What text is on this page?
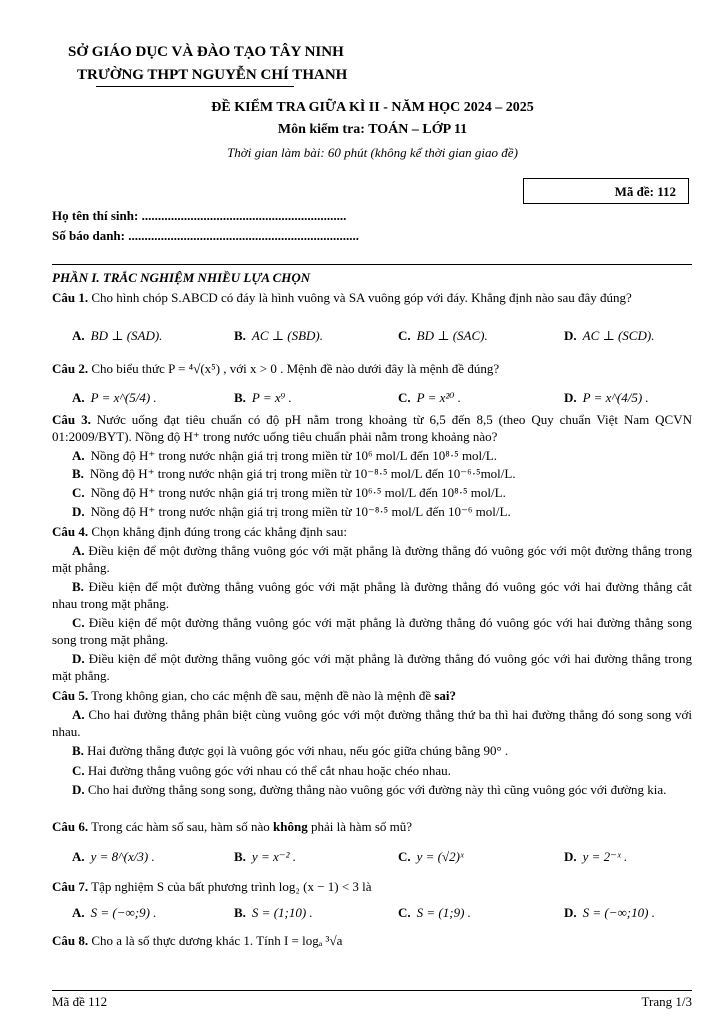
SỞ GIÁO DỤC VÀ ĐÀO TẠO TÂY NINH
TRƯỜNG THPT NGUYỄN CHÍ THANH
ĐỀ KIỂM TRA GIỮA KÌ II - NĂM HỌC 2024 – 2025
Môn kiểm tra: TOÁN – LỚP 11
Thời gian làm bài: 60 phút (không kể thời gian giao đề)
Mã đề: 112
Họ tên thí sinh: ...............................................................
Số báo danh: .......................................................................
PHẦN I. TRẮC NGHIỆM NHIỀU LỰA CHỌN
Câu 1. Cho hình chóp S.ABCD có đáy là hình vuông và SA vuông góp với đáy. Khẳng định nào sau đây đúng?
A. BD ⊥ (SAD).	B. AC ⊥ (SBD).	C. BD ⊥ (SAC).	D. AC ⊥ (SCD).
Câu 2. Cho biểu thức P = ⁴√(x⁵) , với x > 0 . Mệnh đề nào dưới đây là mệnh đề đúng?
A. P = x^(5/4) .	B. P = x⁹ .	C. P = x²⁰ .	D. P = x^(4/5) .
Câu 3. Nước uống đạt tiêu chuẩn có độ pH nằm trong khoảng từ 6,5 đến 8,5 (theo Quy chuẩn Việt Nam QCVN 01:2009/BYT). Nồng độ H⁺ trong nước uống tiêu chuẩn phải nằm trong khoảng nào?
A. Nồng độ H⁺ trong nước nhận giá trị trong miền từ 10⁶ mol/L đến 10⁸·⁵ mol/L.
B. Nồng độ H⁺ trong nước nhận giá trị trong miền từ 10⁻⁸·⁵ mol/L đến 10⁻⁶·⁵mol/L.
C. Nồng độ H⁺ trong nước nhận giá trị trong miền từ 10⁶·⁵ mol/L đến 10⁸·⁵ mol/L.
D. Nồng độ H⁺ trong nước nhận giá trị trong miền từ 10⁻⁸·⁵ mol/L đến 10⁻⁶ mol/L.
Câu 4. Chọn khẳng định đúng trong các khẳng định sau:
A. Điều kiện để một đường thẳng vuông góc với mặt phẳng là đường thẳng đó vuông góc với một đường thẳng trong mặt phẳng.
B. Điều kiện để một đường thẳng vuông góc với mặt phẳng là đường thẳng đó vuông góc với hai đường thẳng cắt nhau trong mặt phẳng.
C. Điều kiện để một đường thẳng vuông góc với mặt phẳng là đường thẳng đó vuông góc với hai đường thẳng song song trong mặt phẳng.
D. Điều kiện để một đường thẳng vuông góc với mặt phẳng là đường thẳng đó vuông góc với hai đường thẳng trong mặt phẳng.
Câu 5. Trong không gian, cho các mệnh đề sau, mệnh đề nào là mệnh đề sai?
A. Cho hai đường thẳng phân biệt cùng vuông góc với một đường thẳng thứ ba thì hai đường thẳng đó song song với nhau.
B. Hai đường thẳng được gọi là vuông góc với nhau, nếu góc giữa chúng bằng 90° .
C. Hai đường thẳng vuông góc với nhau có thể cắt nhau hoặc chéo nhau.
D. Cho hai đường thẳng song song, đường thẳng nào vuông góc với đường này thì cũng vuông góc với đường kia.
Câu 6. Trong các hàm số sau, hàm số nào không phải là hàm số mũ?
A. y = 8^(x/3) .	B. y = x⁻² .	C. y = (√2)ˣ	D. y = 2⁻ˣ .
Câu 7. Tập nghiệm S của bất phương trình log₂ (x − 1) < 3 là
A. S = (−∞;9) .	B. S = (1;10) .	C. S = (1;9) .	D. S = (−∞;10) .
Câu 8. Cho a là số thực dương khác 1. Tính I = logₐ ³√a
Mã đề 112	Trang 1/3
